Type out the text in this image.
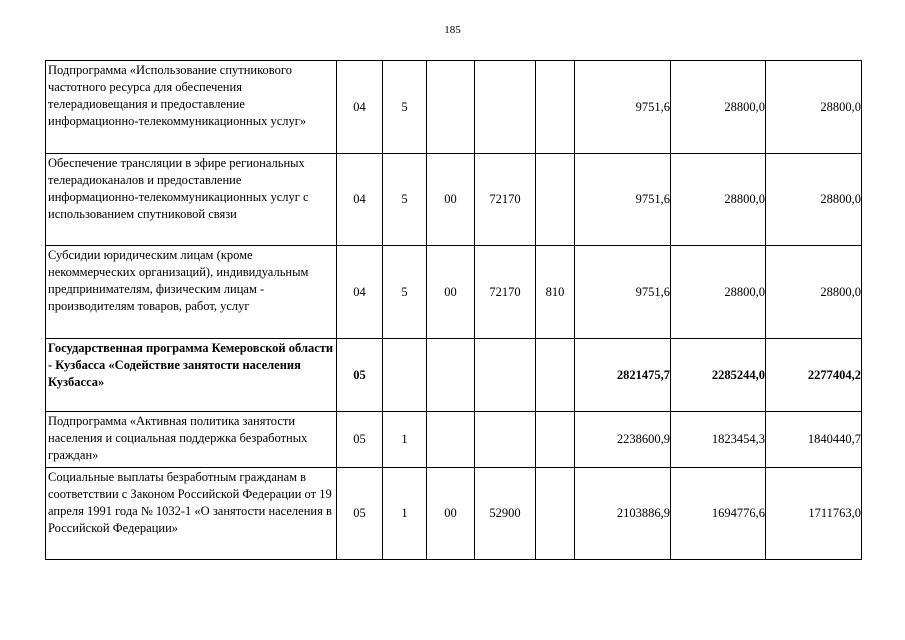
185
Подпрограмма «Использование спутникового частотного ресурса для обеспечения телерадиовещания и предоставление информационно-телекоммуникационных услуг»	04	5				9751,6	28800,0	28800,0
Обеспечение трансляции в эфире региональных телерадиоканалов и предоставление информационно-телекоммуникационных услуг с использованием спутниковой связи	04	5	00	72170		9751,6	28800,0	28800,0
Субсидии юридическим лицам (кроме некоммерческих организаций), индивидуальным предпринимателям, физическим лицам - производителям товаров, работ, услуг	04	5	00	72170	810	9751,6	28800,0	28800,0
Государственная программа Кемеровской области - Кузбасса «Содействие занятости населения Кузбасса»	05					2821475,7	2285244,0	2277404,2
Подпрограмма «Активная политика занятости населения и социальная поддержка безработных граждан»	05	1				2238600,9	1823454,3	1840440,7
Социальные выплаты безработным гражданам в соответствии с Законом Российской Федерации от 19 апреля 1991 года № 1032-1 «О занятости населения в Российской Федерации»	05	1	00	52900		2103886,9	1694776,6	1711763,0
